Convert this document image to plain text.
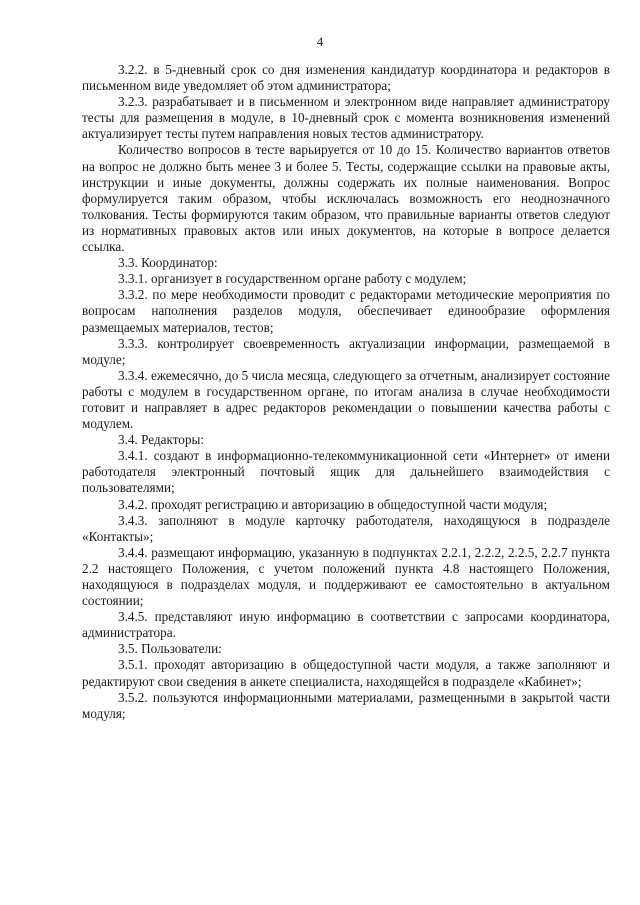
4

3.2.2. в 5-дневный срок со дня изменения кандидатур координатора и редакторов в письменном виде уведомляет об этом администратора;

3.2.3. разрабатывает и в письменном и электронном виде направляет администратору тесты для размещения в модуле, в 10-дневный срок с момента возникновения изменений актуализирует тесты путем направления новых тестов администратору.

Количество вопросов в тесте варьируется от 10 до 15. Количество вариантов ответов на вопрос не должно быть менее 3 и более 5. Тесты, содержащие ссылки на правовые акты, инструкции и иные документы, должны содержать их полные наименования. Вопрос формулируется таким образом, чтобы исключалась возможность его неоднозначного толкования. Тесты формируются таким образом, что правильные варианты ответов следуют из нормативных правовых актов или иных документов, на которые в вопросе делается ссылка.

3.3. Координатор:

3.3.1. организует в государственном органе работу с модулем;

3.3.2. по мере необходимости проводит с редакторами методические мероприятия по вопросам наполнения разделов модуля, обеспечивает единообразие оформления размещаемых материалов, тестов;

3.3.3. контролирует своевременность актуализации информации, размещаемой в модуле;

3.3.4. ежемесячно, до 5 числа месяца, следующего за отчетным, анализирует состояние работы с модулем в государственном органе, по итогам анализа в случае необходимости готовит и направляет в адрес редакторов рекомендации о повышении качества работы с модулем.

3.4. Редакторы:

3.4.1. создают в информационно-телекоммуникационной сети «Интернет» от имени работодателя электронный почтовый ящик для дальнейшего взаимодействия с пользователями;

3.4.2. проходят регистрацию и авторизацию в общедоступной части модуля;

3.4.3. заполняют в модуле карточку работодателя, находящуюся в подразделе «Контакты»;

3.4.4. размещают информацию, указанную в подпунктах 2.2.1, 2.2.2, 2.2.5, 2.2.7 пункта 2.2 настоящего Положения, с учетом положений пункта 4.8 настоящего Положения, находящуюся в подразделах модуля, и поддерживают ее самостоятельно в актуальном состоянии;

3.4.5. представляют иную информацию в соответствии с запросами координатора, администратора.

3.5. Пользователи:

3.5.1. проходят авторизацию в общедоступной части модуля, а также заполняют и редактируют свои сведения в анкете специалиста, находящейся в подразделе «Кабинет»;

3.5.2. пользуются информационными материалами, размещенными в закрытой части модуля;
